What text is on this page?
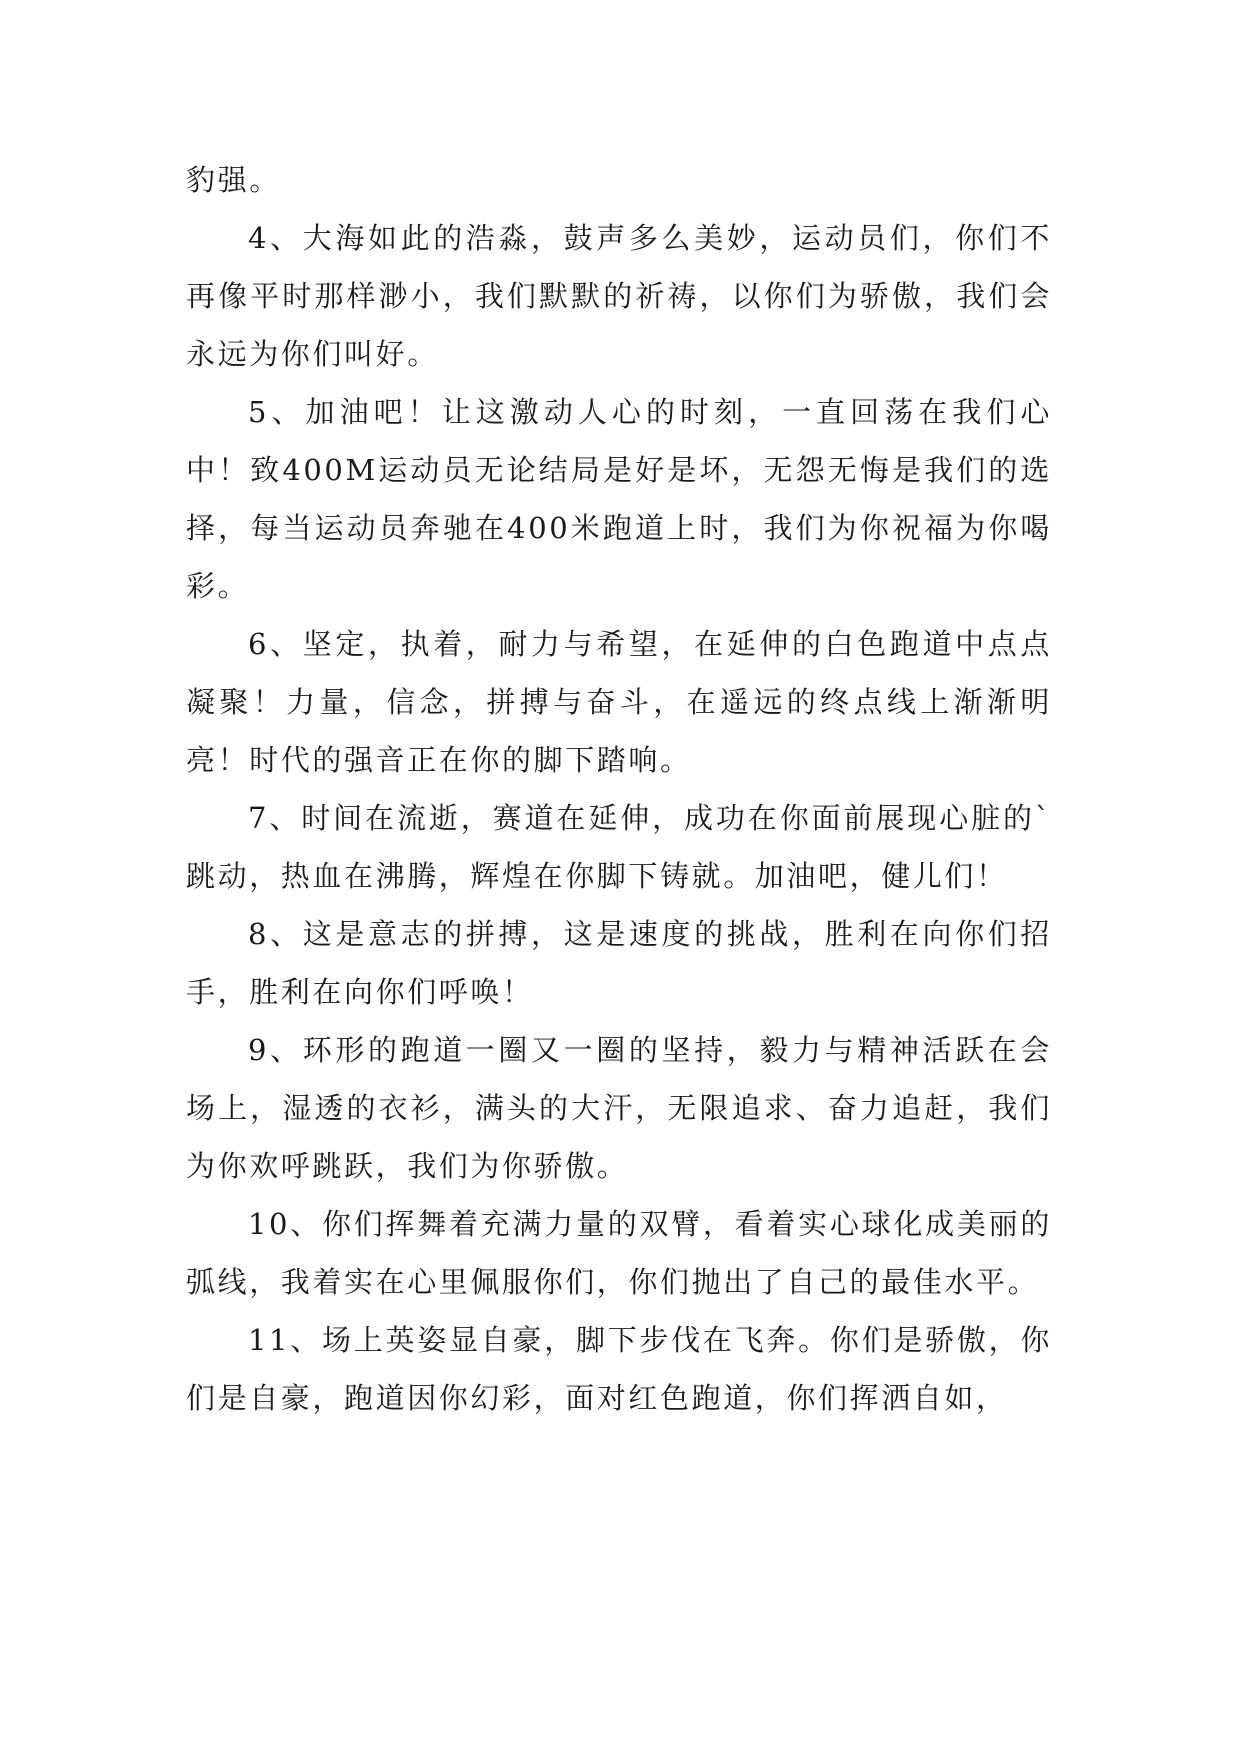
豹强。

4、大海如此的浩淼，鼓声多么美妙，运动员们，你们不再像平时那样渺小，我们默默的祈祷，以你们为骄傲，我们会永远为你们叫好。

5、加油吧！让这激动人心的时刻，一直回荡在我们心中！致400M运动员无论结局是好是坏，无怨无悔是我们的选择，每当运动员奔驰在400米跑道上时，我们为你祝福为你喝彩。

6、坚定，执着，耐力与希望，在延伸的白色跑道中点点凝聚！力量，信念，拼搏与奋斗，在遥远的终点线上渐渐明亮！时代的强音正在你的脚下踏响。

7、时间在流逝，赛道在延伸，成功在你面前展现心脏的`跳动，热血在沸腾，辉煌在你脚下铸就。加油吧，健儿们！

8、这是意志的拼搏，这是速度的挑战，胜利在向你们招手，胜利在向你们呼唤！

9、环形的跑道一圈又一圈的坚持，毅力与精神活跃在会场上，湿透的衣衫，满头的大汗，无限追求、奋力追赶，我们为你欢呼跳跃，我们为你骄傲。

10、你们挥舞着充满力量的双臂，看着实心球化成美丽的弧线，我着实在心里佩服你们，你们抛出了自己的最佳水平。

11、场上英姿显自豪，脚下步伐在飞奔。你们是骄傲，你们是自豪，跑道因你幻彩，面对红色跑道，你们挥洒自如，
